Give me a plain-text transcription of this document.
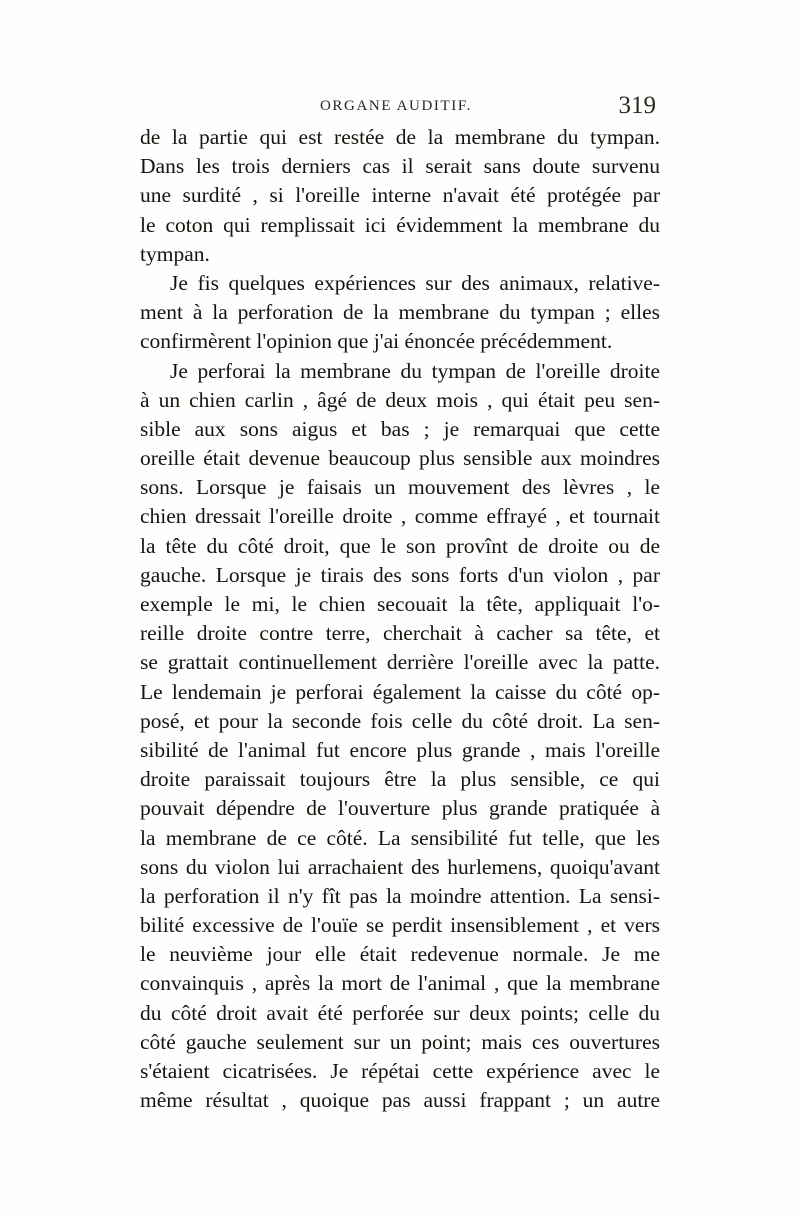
ORGANE AUDITIF.	319
de la partie qui est restée de la membrane du tympan.
Dans les trois derniers cas il serait sans doute survenu
une surdité , si l'oreille interne n'avait été protégée par
le coton qui remplissait ici évidemment la membrane du
tympan.
Je fis quelques expériences sur des animaux, relative-
ment à la perforation de la membrane du tympan ; elles
confirmèrent l'opinion que j'ai énoncée précédemment.
Je perforai la membrane du tympan de l'oreille droite
à un chien carlin , âgé de deux mois , qui était peu sen-
sible aux sons aigus et bas ; je remarquai que cette
oreille était devenue beaucoup plus sensible aux moindres
sons. Lorsque je faisais un mouvement des lèvres , le
chien dressait l'oreille droite , comme effrayé , et tournait
la tête du côté droit, que le son provînt de droite ou de
gauche. Lorsque je tirais des sons forts d'un violon , par
exemple le mi, le chien secouait la tête, appliquait l'o-
reille droite contre terre, cherchait à cacher sa tête, et
se grattait continuellement derrière l'oreille avec la patte.
Le lendemain je perforai également la caisse du côté op-
posé, et pour la seconde fois celle du côté droit. La sen-
sibilité de l'animal fut encore plus grande , mais l'oreille
droite paraissait toujours être la plus sensible, ce qui
pouvait dépendre de l'ouverture plus grande pratiquée à
la membrane de ce côté. La sensibilité fut telle, que les
sons du violon lui arrachaient des hurlemens, quoiqu'avant
la perforation il n'y fît pas la moindre attention. La sensi-
bilité excessive de l'ouïe se perdit insensiblement , et vers
le neuvième jour elle était redevenue normale. Je me
convainquis , après la mort de l'animal , que la membrane
du côté droit avait été perforée sur deux points; celle du
côté gauche seulement sur un point; mais ces ouvertures
s'étaient cicatrisées. Je répétai cette expérience avec le
même résultat , quoique pas aussi frappant ; un autre
